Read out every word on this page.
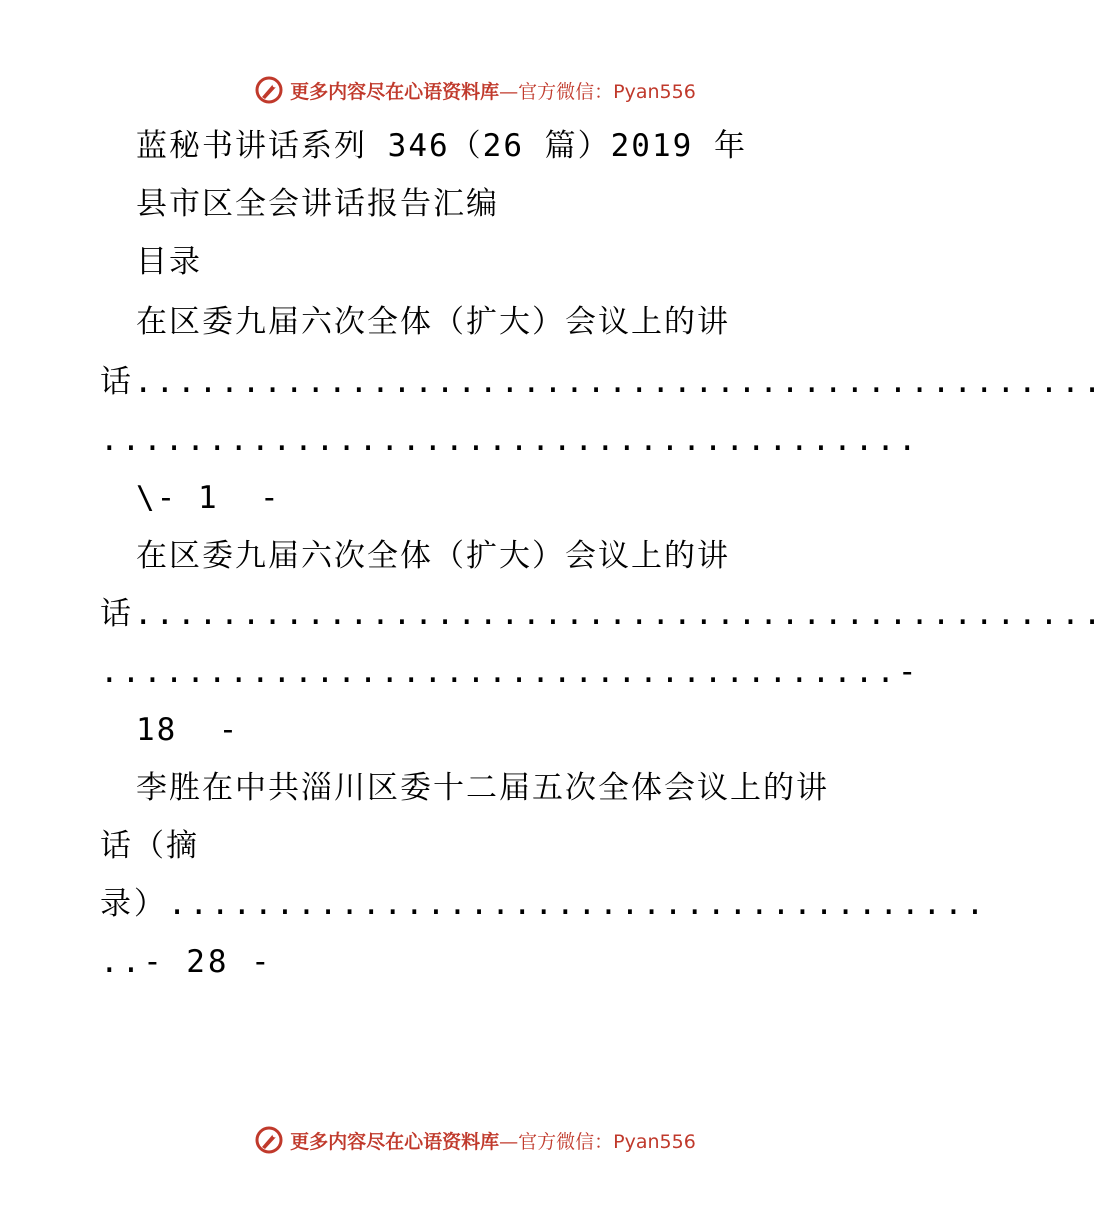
更多内容尽在心语资料库—官方微信：Pyan556
蓝秘书讲话系列 346（26 篇）2019 年
县市区全会讲话报告汇编
目录
在区委九届六次全体（扩大）会议上的讲
话.............................................
......................................
\- 1  -
在区委九届六次全体（扩大）会议上的讲
话.............................................
.....................................-
18  -
李胜在中共淄川区委十二届五次全体会议上的讲
话（摘
录）......................................
..- 28 -
更多内容尽在心语资料库—官方微信：Pyan556
